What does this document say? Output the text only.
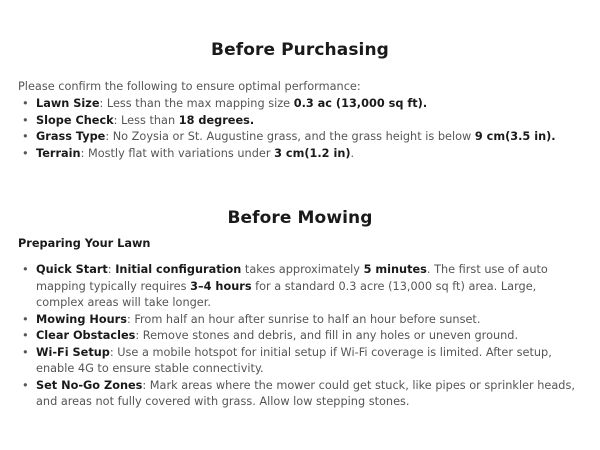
Before Purchasing

Please confirm the following to ensure optimal performance:

• Lawn Size: Less than the max mapping size 0.3 ac (13,000 sq ft).
• Slope Check: Less than 18 degrees.
• Grass Type: No Zoysia or St. Augustine grass, and the grass height is below 9 cm(3.5 in).
• Terrain: Mostly flat with variations under 3 cm(1.2 in).
Before Mowing

Preparing Your Lawn

• Quick Start: Initial configuration takes approximately 5 minutes. The first use of auto mapping typically requires 3–4 hours for a standard 0.3 acre (13,000 sq ft) area. Large, complex areas will take longer.
• Mowing Hours: From half an hour after sunrise to half an hour before sunset.
• Clear Obstacles: Remove stones and debris, and fill in any holes or uneven ground.
• Wi-Fi Setup: Use a mobile hotspot for initial setup if Wi-Fi coverage is limited. After setup, enable 4G to ensure stable connectivity.
• Set No-Go Zones: Mark areas where the mower could get stuck, like pipes or sprinkler heads, and areas not fully covered with grass. Allow low stepping stones.
